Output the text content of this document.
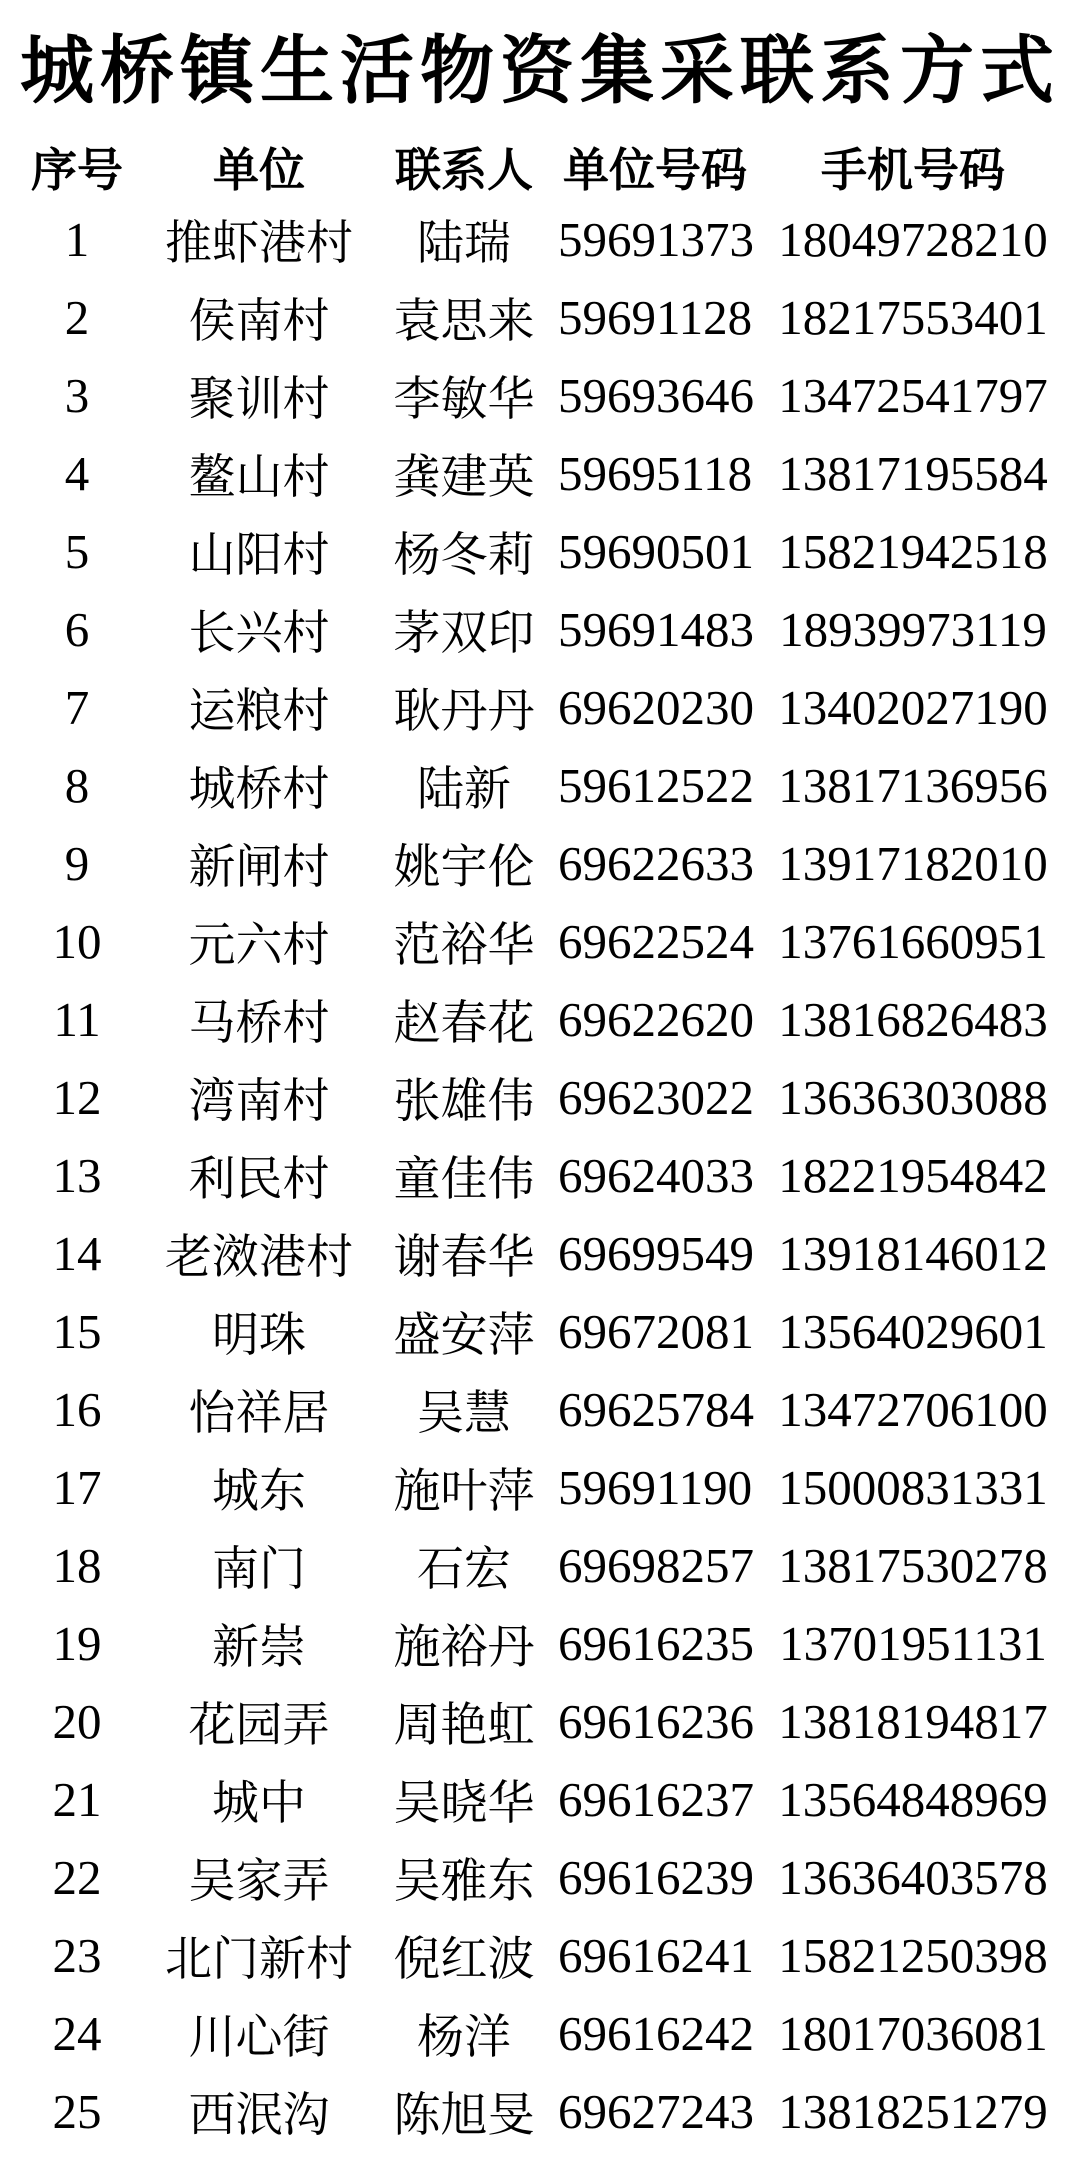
城桥镇生活物资集采联系方式
序号	单位	联系人	单位号码	手机号码
1	推虾港村	陆瑞	59691373	18049728210
2	侯南村	袁思来	59691128	18217553401
3	聚训村	李敏华	59693646	13472541797
4	鳌山村	龚建英	59695118	13817195584
5	山阳村	杨冬莉	59690501	15821942518
6	长兴村	茅双印	59691483	18939973119
7	运粮村	耿丹丹	69620230	13402027190
8	城桥村	陆新	59612522	13817136956
9	新闸村	姚宇伦	69622633	13917182010
10	元六村	范裕华	69622524	13761660951
11	马桥村	赵春花	69622620	13816826483
12	湾南村	张雄伟	69623022	13636303088
13	利民村	童佳伟	69624033	18221954842
14	老滧港村	谢春华	69699549	13918146012
15	明珠	盛安萍	69672081	13564029601
16	怡祥居	吴慧	69625784	13472706100
17	城东	施叶萍	59691190	15000831331
18	南门	石宏	69698257	13817530278
19	新崇	施裕丹	69616235	13701951131
20	花园弄	周艳虹	69616236	13818194817
21	城中	吴晓华	69616237	13564848969
22	吴家弄	吴雅东	69616239	13636403578
23	北门新村	倪红波	69616241	15821250398
24	川心街	杨洋	69616242	18017036081
25	西泯沟	陈旭旻	69627243	13818251279
